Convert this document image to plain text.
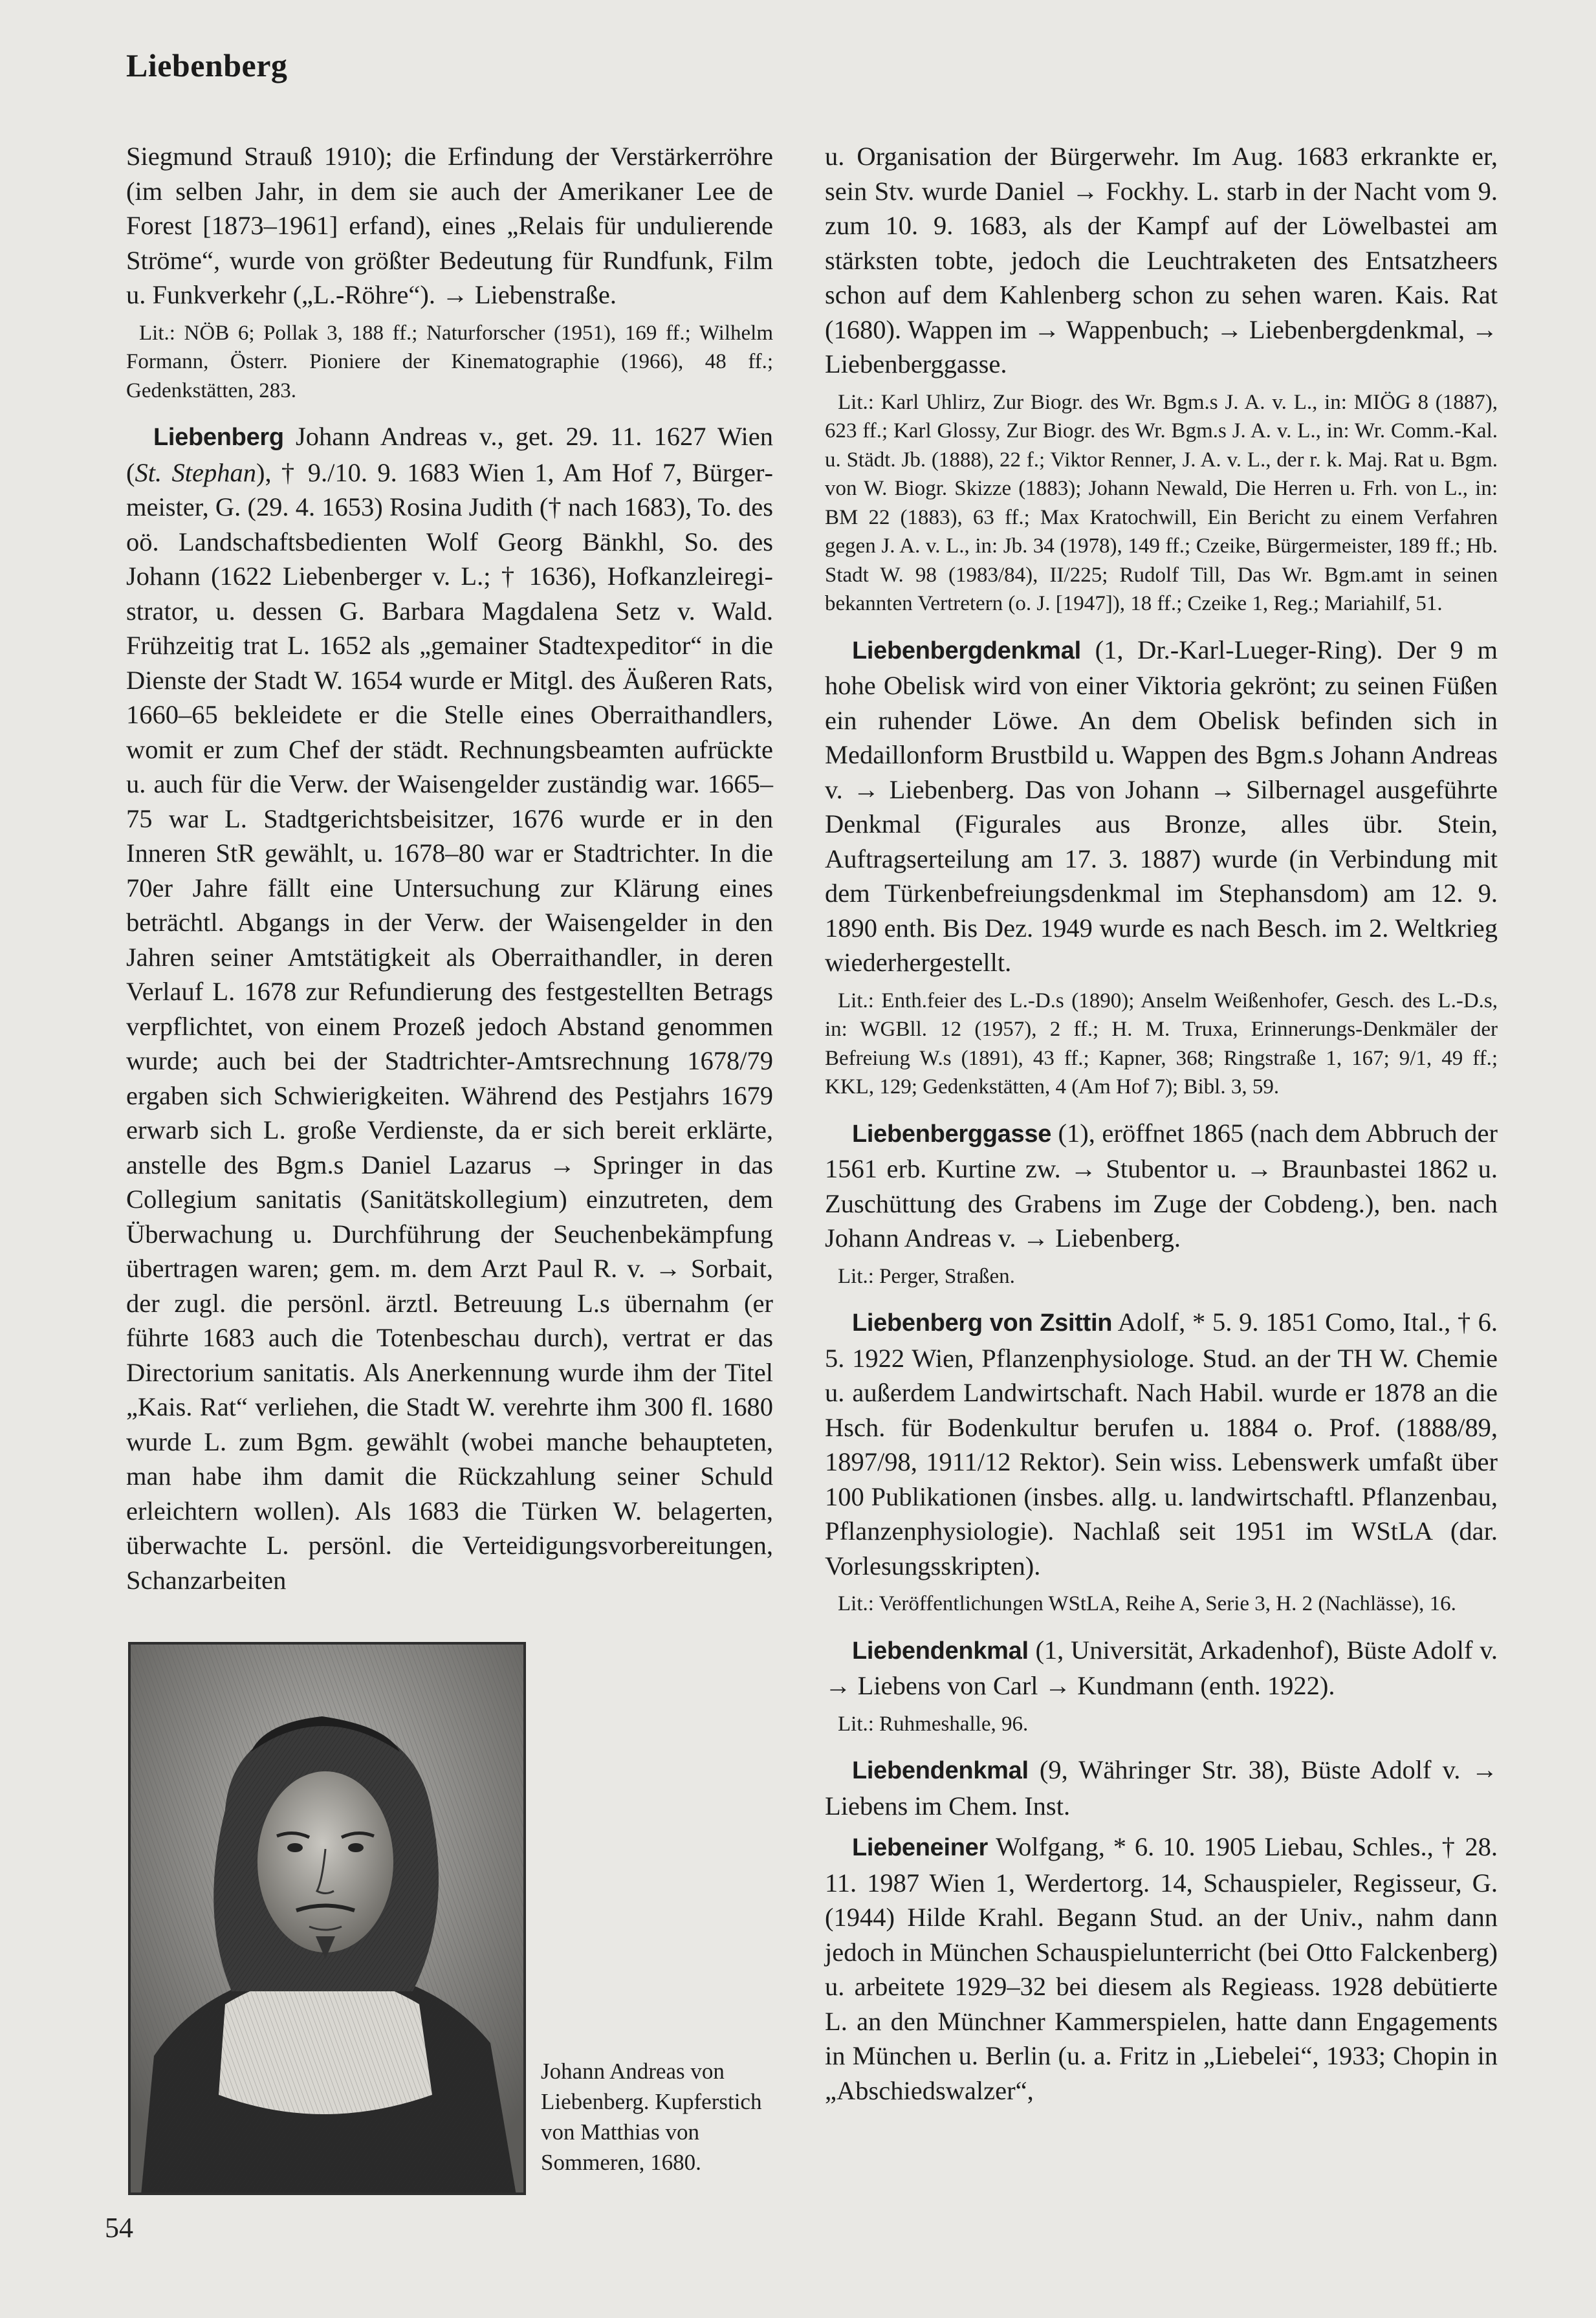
Liebenberg

Siegmund Strauß 1910); die Erfindung der Verstärkerröhre (im selben Jahr, in dem sie auch der Amerikaner Lee de Forest [1873–1961] erfand), eines „Relais für undulierende Ströme“, wurde von größter Bedeutung für Rundfunk, Film u. Funkverkehr („L.-Röhre“). → Liebenstraße.

Lit.: NÖB 6; Pollak 3, 188 ff.; Naturforscher (1951), 169 ff.; Wilhelm Formann, Österr. Pioniere der Kinematographie (1966), 48 ff.; Gedenkstätten, 283.

Liebenberg Johann Andreas v., get. 29. 11. 1627 Wien (St. Stephan), † 9./10. 9. 1683 Wien 1, Am Hof 7, Bürgermeister, G. (29. 4. 1653) Rosina Judith († nach 1683), To. des oö. Landschaftsbedienten Wolf Georg Bänkhl, So. des Johann (1622 Liebenberger v. L.; † 1636), Hofkanzleiregistrator, u. dessen G. Barbara Magdalena Setz v. Wald. Frühzeitig trat L. 1652 als „gemainer Stadtexpeditor“ in die Dienste der Stadt W. 1654 wurde er Mitgl. des Äußeren Rats, 1660–65 bekleidete er die Stelle eines Oberraithandlers, womit er zum Chef der städt. Rechnungsbeamten aufrückte u. auch für die Verw. der Waisengelder zuständig war. 1665–75 war L. Stadtgerichtsbeisitzer, 1676 wurde er in den Inneren StR gewählt, u. 1678–80 war er Stadtrichter. In die 70er Jahre fällt eine Untersuchung zur Klärung eines beträchtl. Abgangs in der Verw. der Waisengelder in den Jahren seiner Amtstätigkeit als Oberraithandler, in deren Verlauf L. 1678 zur Refundierung des festgestellten Betrags verpflichtet, von einem Prozeß jedoch Abstand genommen wurde; auch bei der Stadtrichter-Amtsrechnung 1678/79 ergaben sich Schwierigkeiten. Während des Pestjahrs 1679 erwarb sich L. große Verdienste, da er sich bereit erklärte, anstelle des Bgm.s Daniel Lazarus → Springer in das Collegium sanitatis (Sanitätskollegium) einzutreten, dem Überwachung u. Durchführung der Seuchenbekämpfung übertragen waren; gem. m. dem Arzt Paul R. v. → Sorbait, der zugl. die persönl. ärztl. Betreuung L.s übernahm (er führte 1683 auch die Totenbeschau durch), vertrat er das Directorium sanitatis. Als Anerkennung wurde ihm der Titel „Kais. Rat“ verliehen, die Stadt W. verehrte ihm 300 fl. 1680 wurde L. zum Bgm. gewählt (wobei manche behaupteten, man habe ihm damit die Rückzahlung seiner Schuld erleichtern wollen). Als 1683 die Türken W. belagerten, überwachte L. persönl. die Verteidigungsvorbereitungen, Schanzarbeiten

Johann Andreas von Liebenberg. Kupferstich von Matthias von Sommeren, 1680.
54

u. Organisation der Bürgerwehr. Im Aug. 1683 erkrankte er, sein Stv. wurde Daniel → Fockhy. L. starb in der Nacht vom 9. zum 10. 9. 1683, als der Kampf auf der Löwelbastei am stärksten tobte, jedoch die Leuchtraketen des Entsatzheers schon auf dem Kahlenberg schon zu sehen waren. Kais. Rat (1680). Wappen im → Wappenbuch; → Liebenbergdenkmal, → Liebenberggasse.

Lit.: Karl Uhlirz, Zur Biogr. des Wr. Bgm.s J. A. v. L., in: MIÖG 8 (1887), 623 ff.; Karl Glossy, Zur Biogr. des Wr. Bgm.s J. A. v. L., in: Wr. Comm.-Kal. u. Städt. Jb. (1888), 22 f.; Viktor Renner, J. A. v. L., der r. k. Maj. Rat u. Bgm. von W. Biogr. Skizze (1883); Johann Newald, Die Herren u. Frh. von L., in: BM 22 (1883), 63 ff.; Max Kratochwill, Ein Bericht zu einem Verfahren gegen J. A. v. L., in: Jb. 34 (1978), 149 ff.; Czeike, Bürgermeister, 189 ff.; Hb. Stadt W. 98 (1983/84), II/225; Rudolf Till, Das Wr. Bgm.amt in seinen bekannten Vertretern (o. J. [1947]), 18 ff.; Czeike 1, Reg.; Mariahilf, 51.

Liebenbergdenkmal (1, Dr.-Karl-Lueger-Ring). Der 9 m hohe Obelisk wird von einer Viktoria gekrönt; zu seinen Füßen ein ruhender Löwe. An dem Obelisk befinden sich in Medaillonform Brustbild u. Wappen des Bgm.s Johann Andreas v. → Liebenberg. Das von Johann → Silbernagel ausgeführte Denkmal (Figurales aus Bronze, alles übr. Stein, Auftragserteilung am 17. 3. 1887) wurde (in Verbindung mit dem Türkenbefreiungsdenkmal im Stephansdom) am 12. 9. 1890 enth. Bis Dez. 1949 wurde es nach Besch. im 2. Weltkrieg wiederhergestellt.

Lit.: Enth.feier des L.-D.s (1890); Anselm Weißenhofer, Gesch. des L.-D.s, in: WGBll. 12 (1957), 2 ff.; H. M. Truxa, Erinnerungs-Denkmäler der Befreiung W.s (1891), 43 ff.; Kapner, 368; Ringstraße 1, 167; 9/1, 49 ff.; KKL, 129; Gedenkstätten, 4 (Am Hof 7); Bibl. 3, 59.

Liebenberggasse (1), eröffnet 1865 (nach dem Abbruch der 1561 erb. Kurtine zw. → Stubentor u. → Braunbastei 1862 u. Zuschüttung des Grabens im Zuge der Cobdeng.), ben. nach Johann Andreas v. → Liebenberg.

Lit.: Perger, Straßen.

Liebenberg von Zsittin Adolf, * 5. 9. 1851 Como, Ital., † 6. 5. 1922 Wien, Pflanzenphysiologe. Stud. an der TH W. Chemie u. außerdem Landwirtschaft. Nach Habil. wurde er 1878 an die Hsch. für Bodenkultur berufen u. 1884 o. Prof. (1888/89, 1897/98, 1911/12 Rektor). Sein wiss. Lebenswerk umfaßt über 100 Publikationen (insbes. allg. u. landwirtschaftl. Pflanzenbau, Pflanzenphysiologie). Nachlaß seit 1951 im WStLA (dar. Vorlesungsskripten).

Lit.: Veröffentlichungen WStLA, Reihe A, Serie 3, H. 2 (Nachlässe), 16.

Liebendenkmal (1, Universität, Arkadenhof), Büste Adolf v. → Liebens von Carl → Kundmann (enth. 1922).

Lit.: Ruhmeshalle, 96.

Liebendenkmal (9, Währinger Str. 38), Büste Adolf v. → Liebens im Chem. Inst.

Liebeneiner Wolfgang, * 6. 10. 1905 Liebau, Schles., † 28. 11. 1987 Wien 1, Werdertorg. 14, Schauspieler, Regisseur, G. (1944) Hilde Krahl. Begann Stud. an der Univ., nahm dann jedoch in München Schauspielunterricht (bei Otto Falckenberg) u. arbeitete 1929–32 bei diesem als Regieass. 1928 debütierte L. an den Münchner Kammerspielen, hatte dann Engagements in München u. Berlin (u. a. Fritz in „Liebelei“, 1933; Chopin in „Abschiedswalzer“,
